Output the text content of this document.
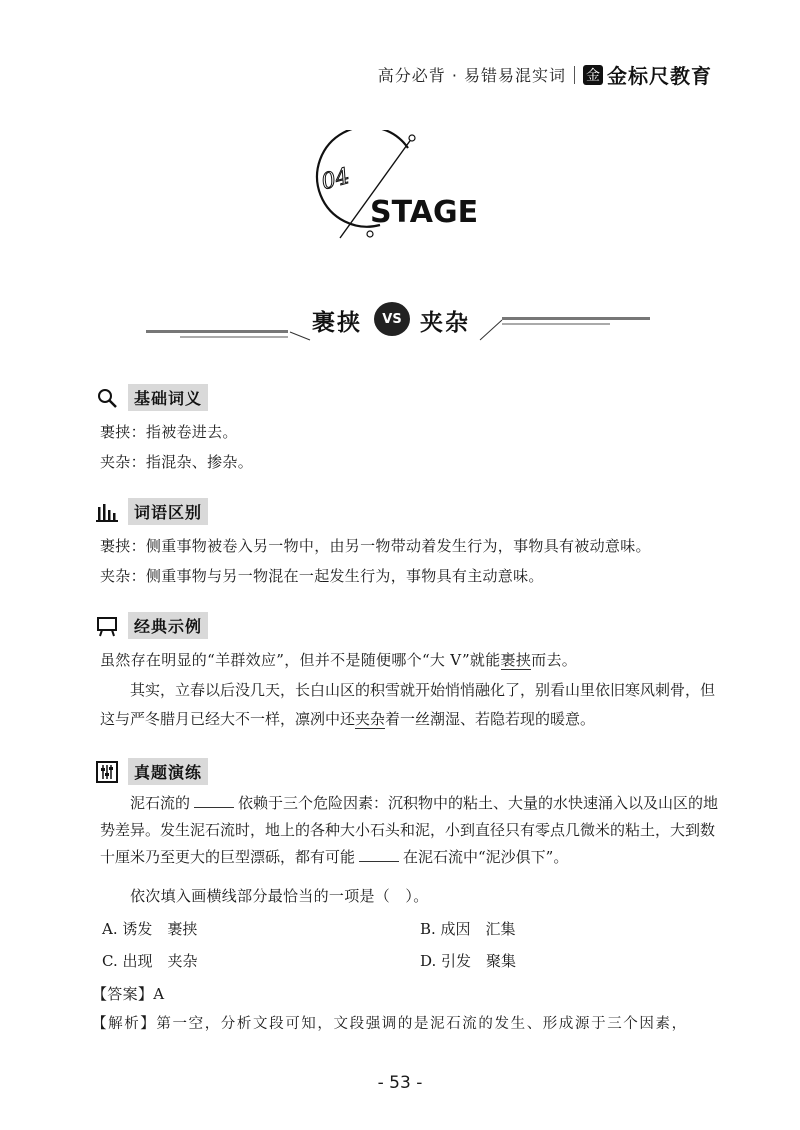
高分必背 · 易错易混实词 金 金标尺教育
04
STAGE
裹挟	VS 夹杂
基础词义
裹挟：指被卷进去。
夹杂：指混杂、掺杂。
词语区别
裹挟：侧重事物被卷入另一物中，由另一物带动着发生行为，事物具有被动意味。
夹杂：侧重事物与另一物混在一起发生行为，事物具有主动意味。
经典示例
虽然存在明显的“羊群效应”，但并不是随便哪个“大 V”就能裹挟而去。
其实，立春以后没几天，长白山区的积雪就开始悄悄融化了，别看山里依旧寒风刺骨，但这与严冬腊月已经大不一样，凛冽中还夹杂着一丝潮湿、若隐若现的暖意。
真题演练
泥石流的	依赖于三个危险因素：沉积物中的粘土、大量的水快速涌入以及山区的地势差异。发生泥石流时，地上的各种大小石头和泥，小到直径只有零点几微米的粘土，大到数十厘米乃至更大的巨型漂砾，都有可能	在泥石流中“泥沙俱下”。
依次填入画横线部分最恰当的一项是（　）。
A. 诱发　裹挟	B. 成因　汇集
C. 出现　夹杂	D. 引发　聚集
【答案】A
【解析】第一空，分析文段可知，文段强调的是泥石流的发生、形成源于三个因素，
- 53 -
